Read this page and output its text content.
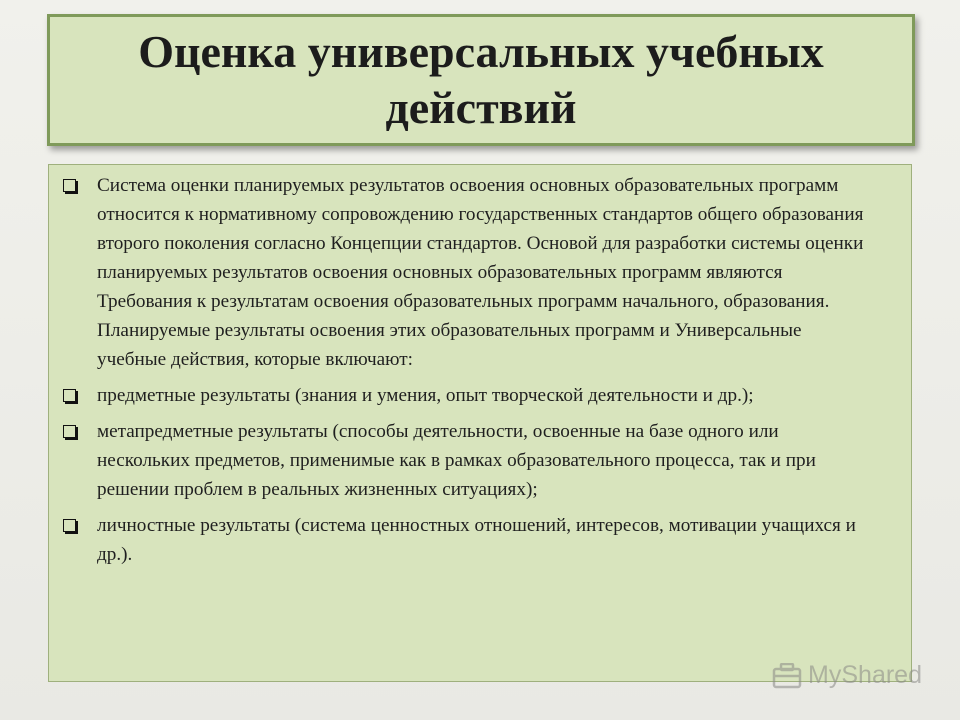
Оценка универсальных учебных действий
Система оценки планируемых результатов освоения основных образовательных программ относится к нормативному сопровождению государственных стандартов общего образования второго поколения согласно Концепции стандартов. Основой для разработки системы оценки планируемых результатов освоения основных образовательных программ являются Требования к результатам освоения образовательных программ начального, образования. Планируемые результаты освоения этих образовательных программ и Универсальные учебные действия, которые включают:
предметные результаты (знания и умения, опыт творческой деятельности и др.);
метапредметные результаты (способы деятельности, освоенные на базе одного или нескольких предметов, применимые как в рамках образовательного процесса, так и при решении проблем в реальных жизненных ситуациях);
личностные результаты (система ценностных отношений, интересов, мотивации учащихся и др.).
MyShared
